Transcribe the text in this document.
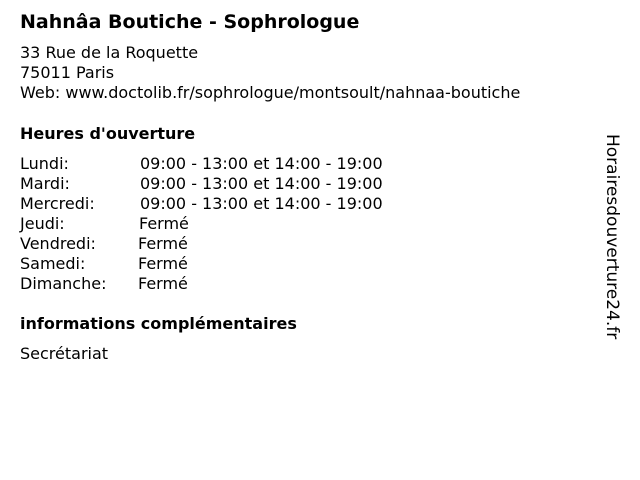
Nahnâa Boutiche - Sophrologue
33 Rue de la Roquette
75011 Paris
Web: www.doctolib.fr/sophrologue/montsoult/nahnaa-boutiche
Heures d'ouverture
Lundi:	09:00 - 13:00 et 14:00 - 19:00
Mardi:	09:00 - 13:00 et 14:00 - 19:00
Mercredi:	09:00 - 13:00 et 14:00 - 19:00
Jeudi:	Fermé
Vendredi:	Fermé
Samedi:	Fermé
Dimanche: Fermé
informations complémentaires
Secrétariat
Horairesdouverture24.fr
